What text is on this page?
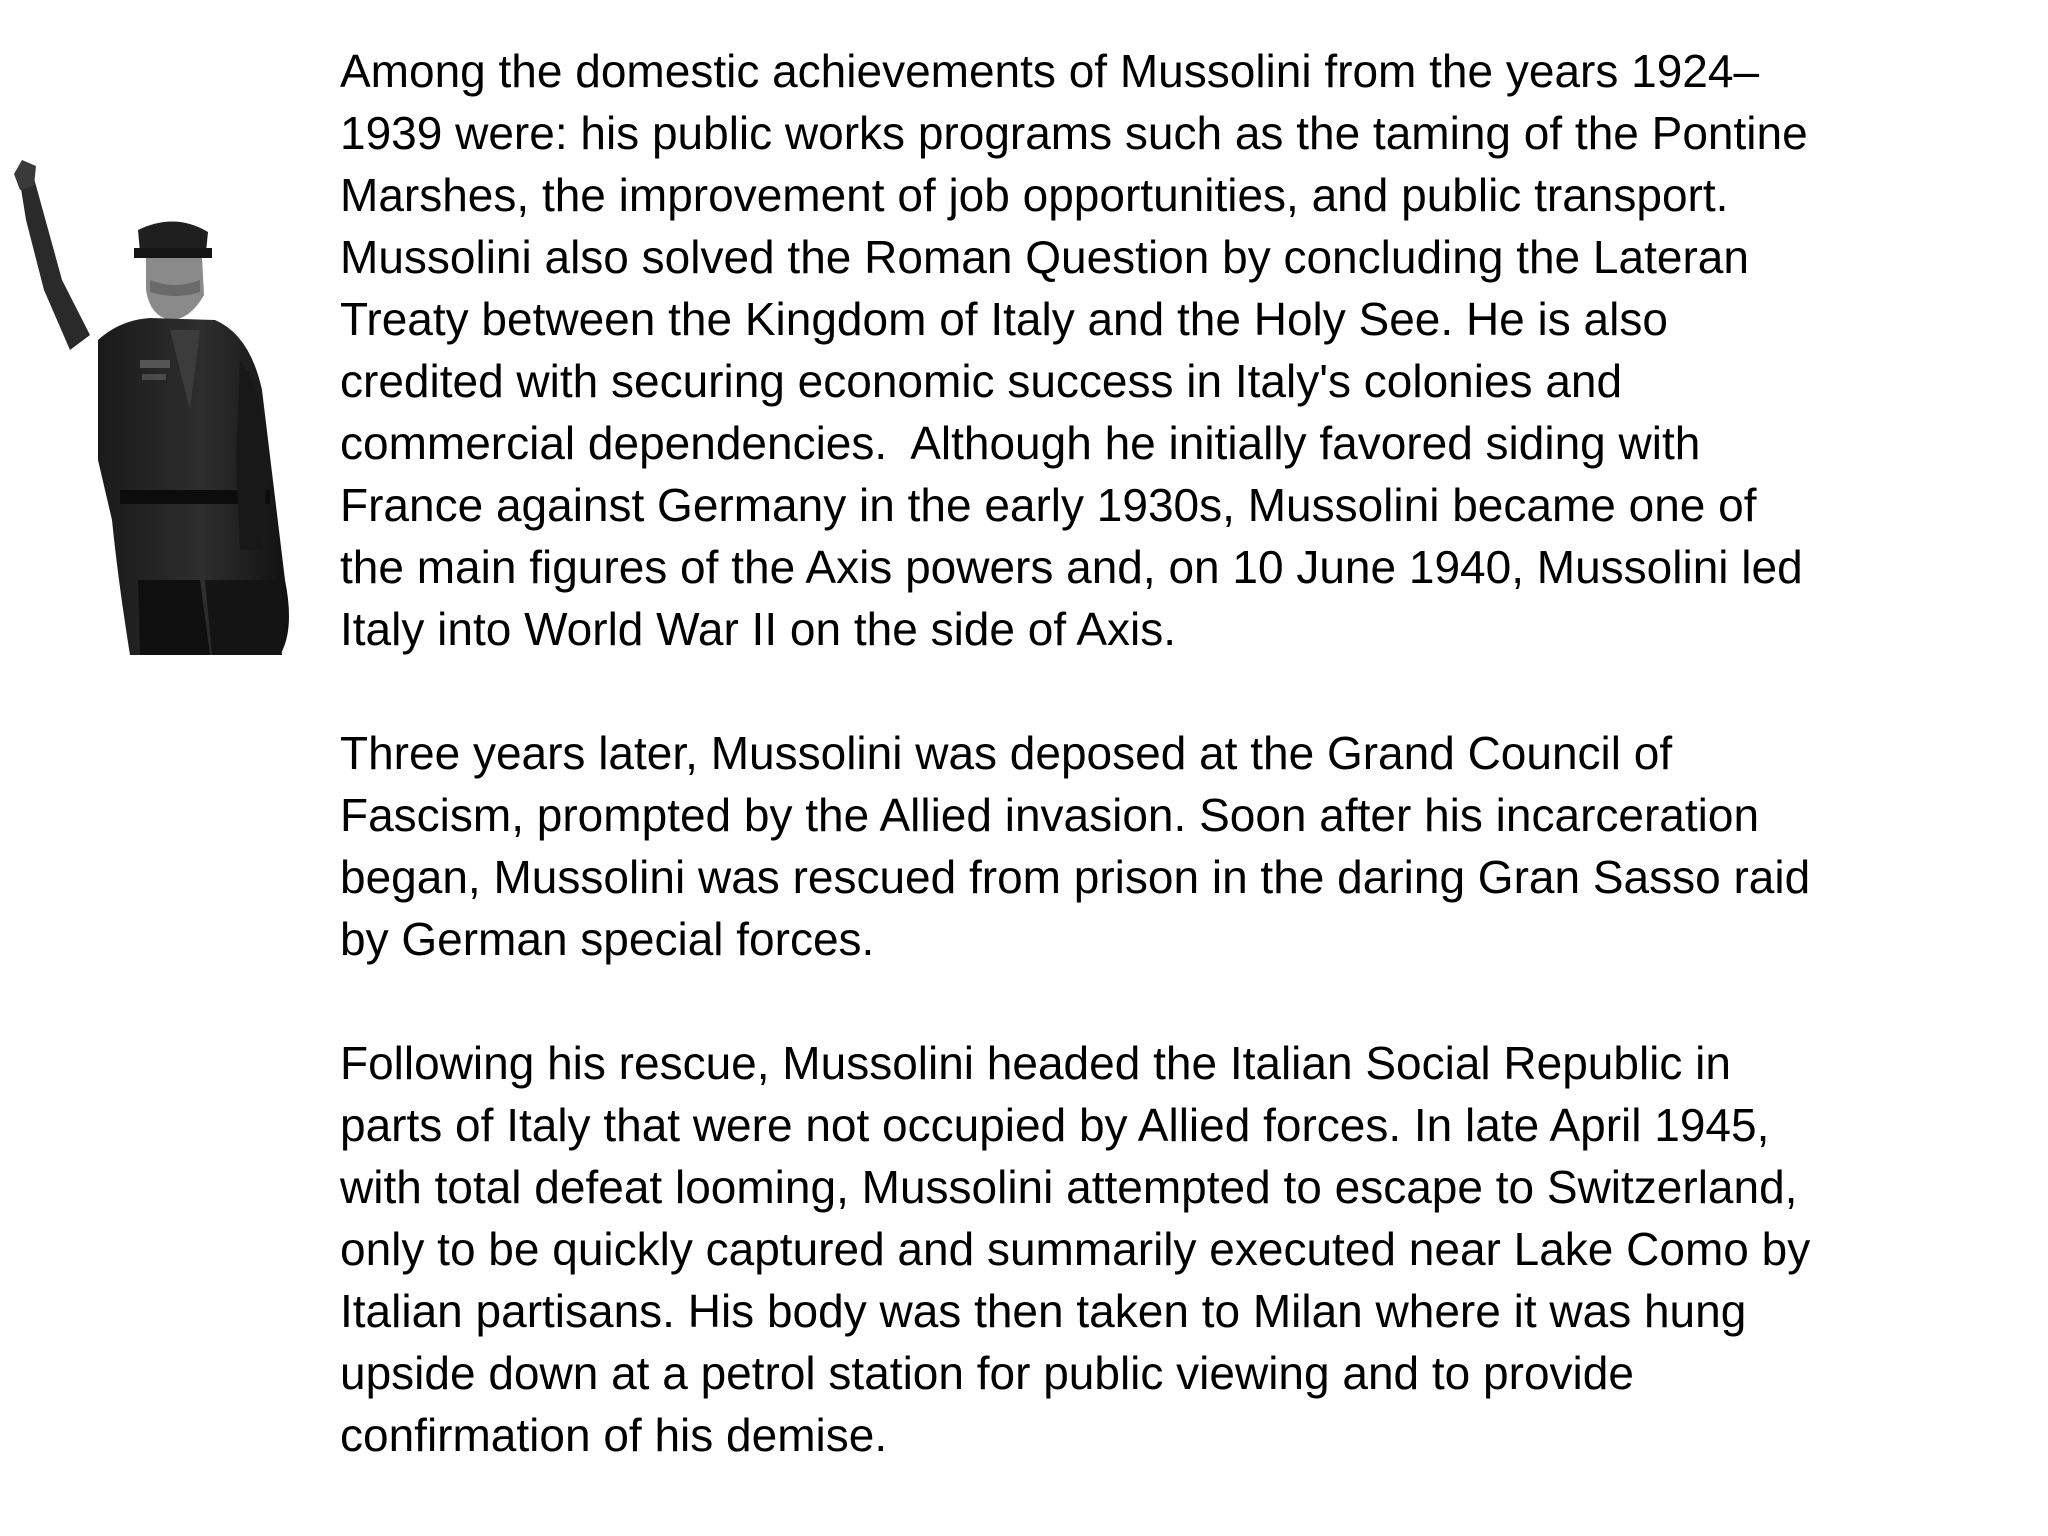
Among the domestic achievements of Mussolini from the years 1924–
1939 were: his public works programs such as the taming of the Pontine
Marshes, the improvement of job opportunities, and public transport.
Mussolini also solved the Roman Question by concluding the Lateran
Treaty between the Kingdom of Italy and the Holy See. He is also
credited with securing economic success in Italy's colonies and
commercial dependencies.  Although he initially favored siding with
France against Germany in the early 1930s, Mussolini became one of
the main figures of the Axis powers and, on 10 June 1940, Mussolini led
Italy into World War II on the side of Axis.

Three years later, Mussolini was deposed at the Grand Council of
Fascism, prompted by the Allied invasion. Soon after his incarceration
began, Mussolini was rescued from prison in the daring Gran Sasso raid
by German special forces.

Following his rescue, Mussolini headed the Italian Social Republic in
parts of Italy that were not occupied by Allied forces. In late April 1945,
with total defeat looming, Mussolini attempted to escape to Switzerland,
only to be quickly captured and summarily executed near Lake Como by
Italian partisans. His body was then taken to Milan where it was hung
upside down at a petrol station for public viewing and to provide
confirmation of his demise.
